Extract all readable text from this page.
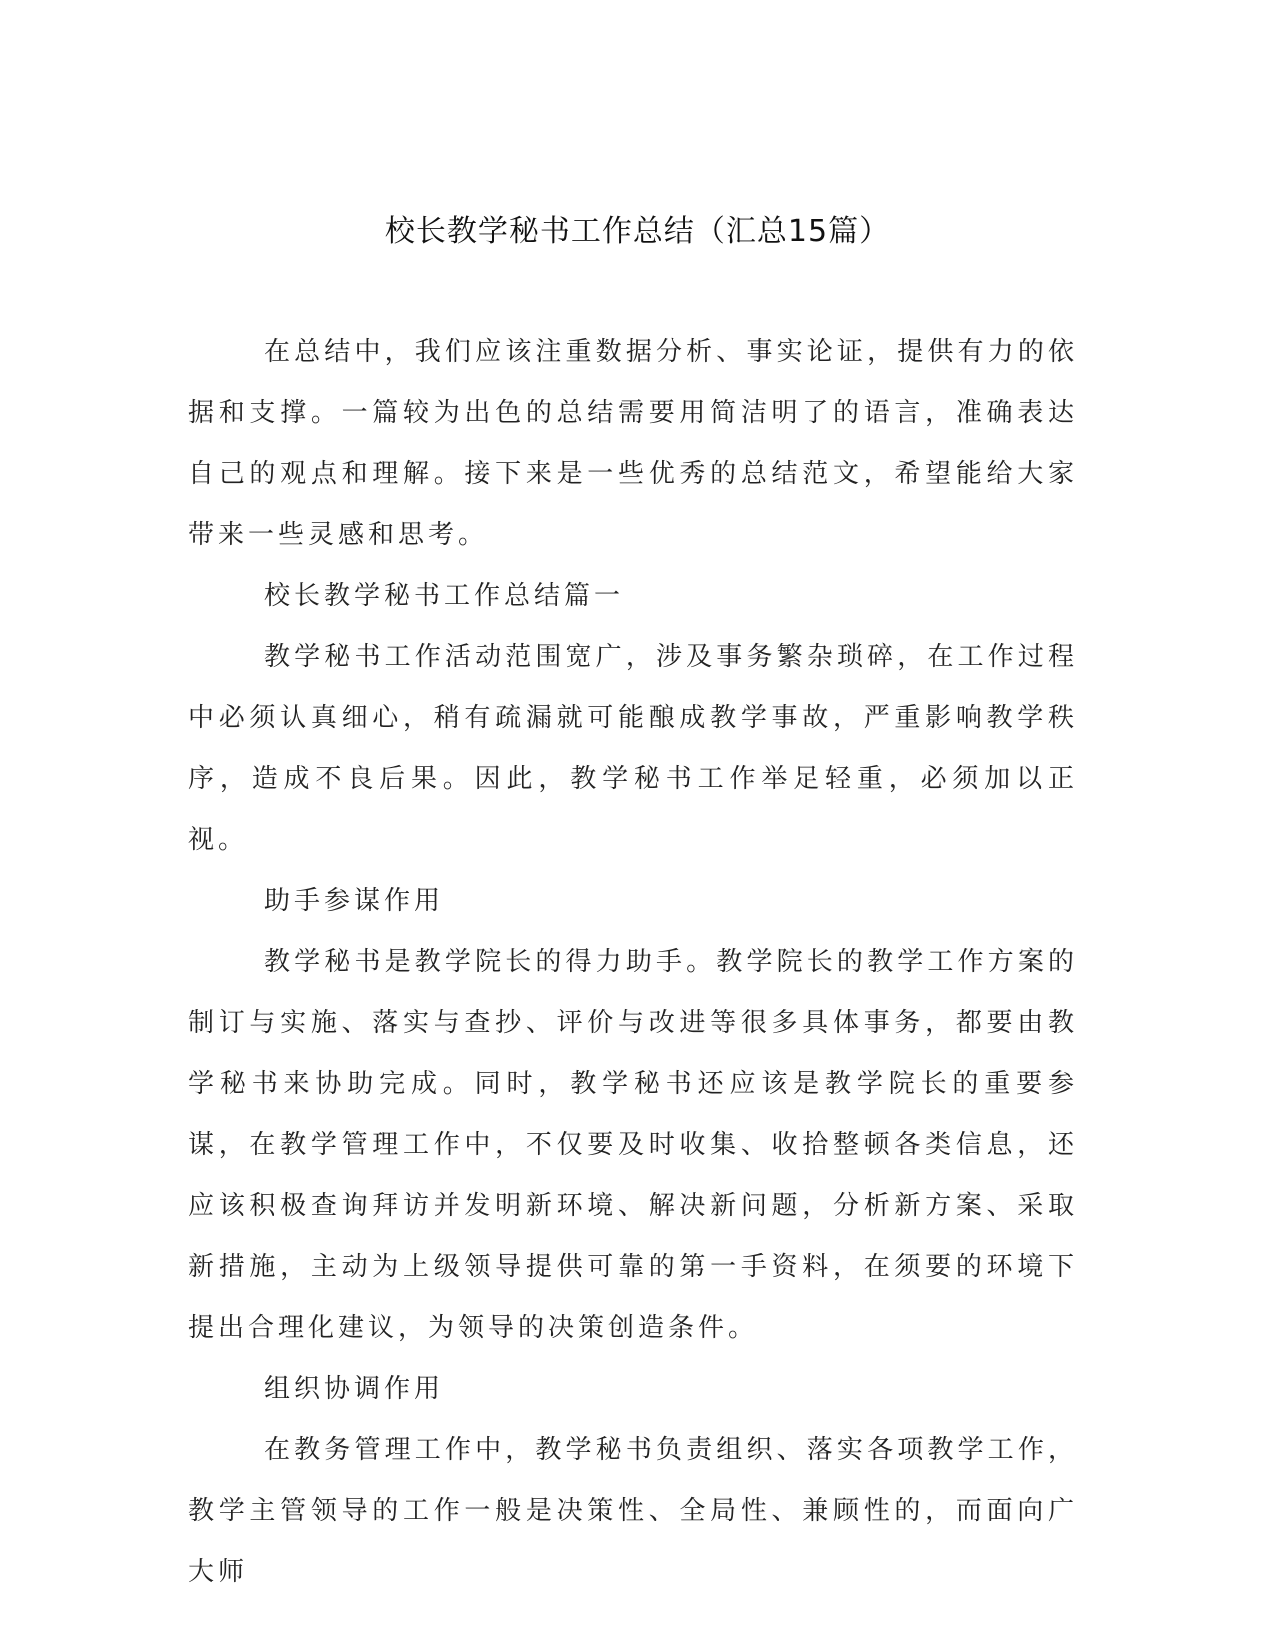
校长教学秘书工作总结（汇总15篇）

在总结中，我们应该注重数据分析、事实论证，提供有力的依据和支撑。一篇较为出色的总结需要用简洁明了的语言，准确表达自己的观点和理解。接下来是一些优秀的总结范文，希望能给大家带来一些灵感和思考。

校长教学秘书工作总结篇一

教学秘书工作活动范围宽广，涉及事务繁杂琐碎，在工作过程中必须认真细心，稍有疏漏就可能酿成教学事故，严重影响教学秩序，造成不良后果。因此，教学秘书工作举足轻重，必须加以正视。

助手参谋作用

教学秘书是教学院长的得力助手。教学院长的教学工作方案的制订与实施、落实与查抄、评价与改进等很多具体事务，都要由教学秘书来协助完成。同时，教学秘书还应该是教学院长的重要参谋，在教学管理工作中，不仅要及时收集、收拾整顿各类信息，还应该积极查询拜访并发明新环境、解决新问题，分析新方案、采取新措施，主动为上级领导提供可靠的第一手资料，在须要的环境下提出合理化建议，为领导的决策创造条件。

组织协调作用

在教务管理工作中，教学秘书负责组织、落实各项教学工作，教学主管领导的工作一般是决策性、全局性、兼顾性的，而面向广大师
